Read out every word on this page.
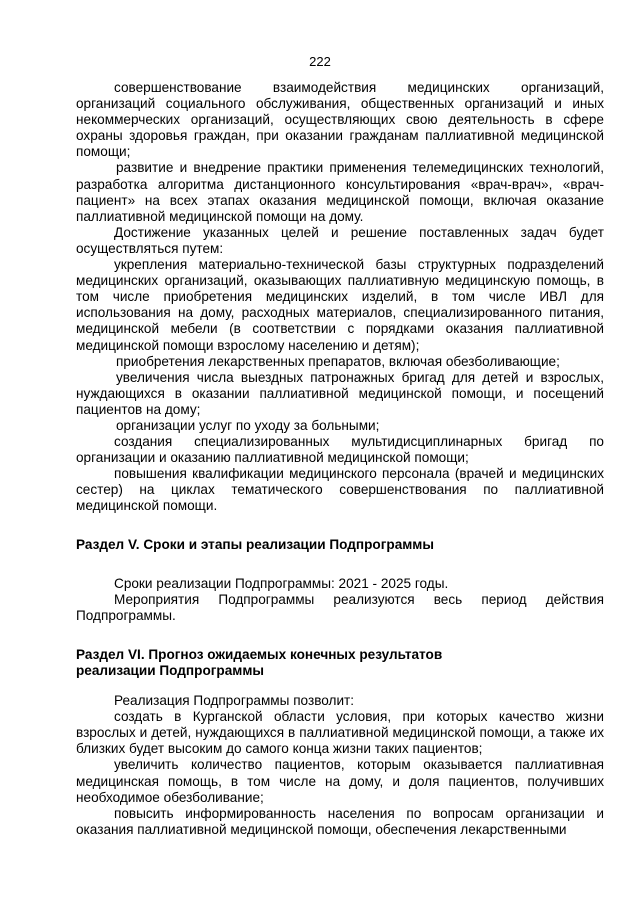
222

совершенствование взаимодействия медицинских организаций, организаций социального обслуживания, общественных организаций и иных некоммерческих организаций, осуществляющих свою деятельность в сфере охраны здоровья граждан, при оказании гражданам паллиативной медицинской помощи;

развитие и внедрение практики применения телемедицинских технологий, разработка алгоритма дистанционного консультирования «врач-врач», «врач-пациент» на всех этапах оказания медицинской помощи, включая оказание паллиативной медицинской помощи на дому.

Достижение указанных целей и решение поставленных задач будет осуществляться путем:

укрепления материально-технической базы структурных подразделений медицинских организаций, оказывающих паллиативную медицинскую помощь, в том числе приобретения медицинских изделий, в том числе ИВЛ для использования на дому, расходных материалов, специализированного питания, медицинской мебели (в соответствии с порядками оказания паллиативной медицинской помощи взрослому населению и детям);

приобретения лекарственных препаратов, включая обезболивающие;

увеличения числа выездных патронажных бригад для детей и взрослых, нуждающихся в оказании паллиативной медицинской помощи, и посещений пациентов на дому;

организации услуг по уходу за больными;

создания специализированных мультидисциплинарных бригад по организации и оказанию паллиативной медицинской помощи;

повышения квалификации медицинского персонала (врачей и медицинских сестер) на циклах тематического совершенствования по паллиативной медицинской помощи.

Раздел V. Сроки и этапы реализации Подпрограммы

Сроки реализации Подпрограммы: 2021 - 2025 годы.

Мероприятия Подпрограммы реализуются весь период действия Подпрограммы.

Раздел VI. Прогноз ожидаемых конечных результатов

реализации Подпрограммы

Реализация Подпрограммы позволит:

создать в Курганской области условия, при которых качество жизни взрослых и детей, нуждающихся в паллиативной медицинской помощи, а также их близких будет высоким до самого конца жизни таких пациентов;

увеличить количество пациентов, которым оказывается паллиативная медицинская помощь, в том числе на дому, и доля пациентов, получивших необходимое обезболивание;

повысить информированность населения по вопросам организации и оказания паллиативной медицинской помощи, обеспечения лекарственными
